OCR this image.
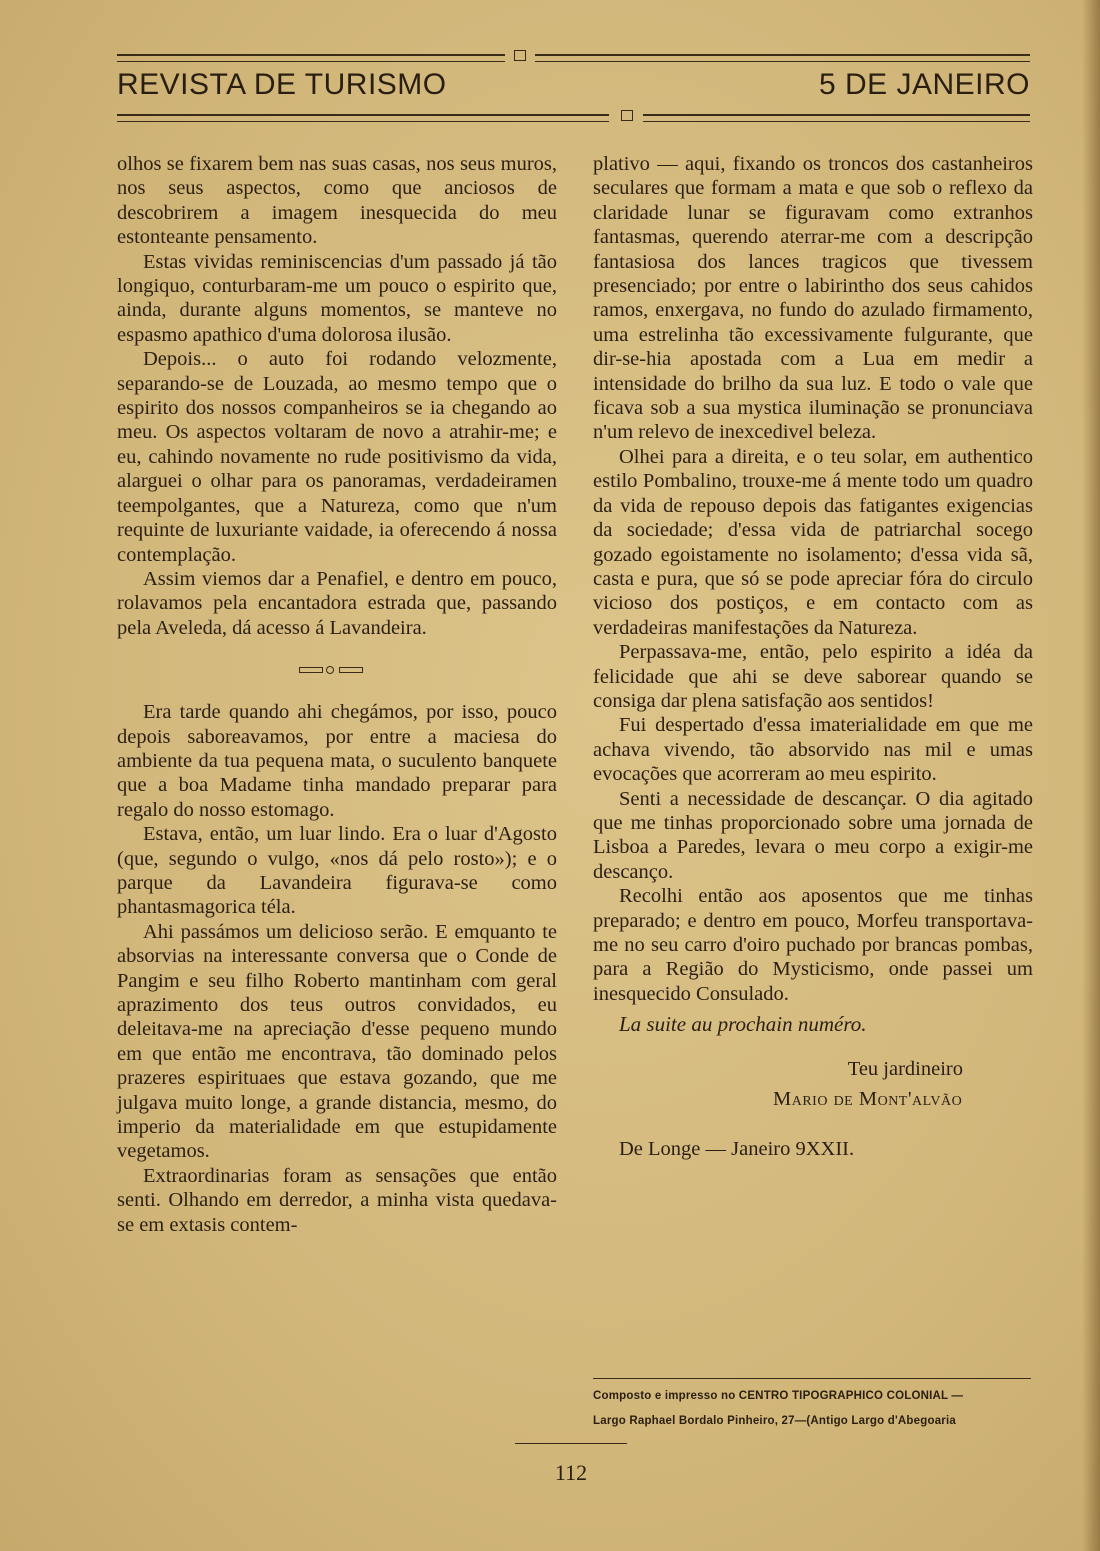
REVISTA DE TURISMO	5 DE JANEIRO

olhos se fixarem bem nas suas casas, nos seus muros, nos seus aspectos, como que anciosos de descobrirem a imagem inesquecida do meu estonteante pensamento.

Estas vividas reminiscencias d'um passado já tão longiquo, conturbaram-me um pouco o espirito que, ainda, durante alguns momentos, se manteve no espasmo apathico d'uma dolorosa ilusão.

Depois... o auto foi rodando velozmente, separando-se de Louzada, ao mesmo tempo que o espirito dos nossos companheiros se ia chegando ao meu. Os aspectos voltaram de novo a atrahir-me; e eu, cahindo novamente no rude positivismo da vida, alarguei o olhar para os panoramas, verdadeiramen teempolgantes, que a Natureza, como que n'um requinte de luxuriante vaidade, ia oferecendo á nossa contemplação.

Assim viemos dar a Penafiel, e dentro em pouco, rolavamos pela encantadora estrada que, passando pela Aveleda, dá acesso á Lavandeira.

Era tarde quando ahi chegámos, por isso, pouco depois saboreavamos, por entre a maciesa do ambiente da tua pequena mata, o suculento banquete que a boa Madame tinha mandado preparar para regalo do nosso estomago.

Estava, então, um luar lindo. Era o luar d'Agosto (que, segundo o vulgo, «nos dá pelo rosto»); e o parque da Lavandeira figurava-se como phantasmagorica téla.

Ahi passámos um delicioso serão. E emquanto te absorvias na interessante conversa que o Conde de Pangim e seu filho Roberto mantinham com geral aprazimento dos teus outros convidados, eu deleitava-me na apreciação d'esse pequeno mundo em que então me encontrava, tão dominado pelos prazeres espirituaes que estava gozando, que me julgava muito longe, a grande distancia, mesmo, do imperio da materialidade em que estupidamente vegetamos.

Extraordinarias foram as sensações que então senti. Olhando em derredor, a minha vista quedava-se em extasis contem-

plativo — aqui, fixando os troncos dos castanheiros seculares que formam a mata e que sob o reflexo da claridade lunar se figuravam como extranhos fantasmas, querendo aterrar-me com a descripção fantasiosa dos lances tragicos que tivessem presenciado; por entre o labirintho dos seus cahidos ramos, enxergava, no fundo do azulado firmamento, uma estrelinha tão excessivamente fulgurante, que dir-se-hia apostada com a Lua em medir a intensidade do brilho da sua luz. E todo o vale que ficava sob a sua mystica iluminação se pronunciava n'um relevo de inexcedivel beleza.

Olhei para a direita, e o teu solar, em authentico estilo Pombalino, trouxe-me á mente todo um quadro da vida de repouso depois das fatigantes exigencias da sociedade; d'essa vida de patriarchal socego gozado egoistamente no isolamento; d'essa vida sã, casta e pura, que só se pode apreciar fóra do circulo vicioso dos postiços, e em contacto com as verdadeiras manifestações da Natureza.

Perpassava-me, então, pelo espirito a idéa da felicidade que ahi se deve saborear quando se consiga dar plena satisfação aos sentidos!

Fui despertado d'essa imaterialidade em que me achava vivendo, tão absorvido nas mil e umas evocações que acorreram ao meu espirito.

Senti a necessidade de descançar. O dia agitado que me tinhas proporcionado sobre uma jornada de Lisboa a Paredes, levara o meu corpo a exigir-me descanço.

Recolhi então aos aposentos que me tinhas preparado; e dentro em pouco, Morfeu transportava-me no seu carro d'oiro puchado por brancas pombas, para a Região do Mysticismo, onde passei um inesquecido Consulado.

La suite au prochain numéro.
Teu jardineiro
Mario de Mont'alvão
De Longe — Janeiro 9XXII.
Composto e impresso no CENTRO TIPOGRAPHICO COLONIAL —
Largo Raphael Bordalo Pinheiro, 27—(Antigo Largo d'Abegoaria
112
